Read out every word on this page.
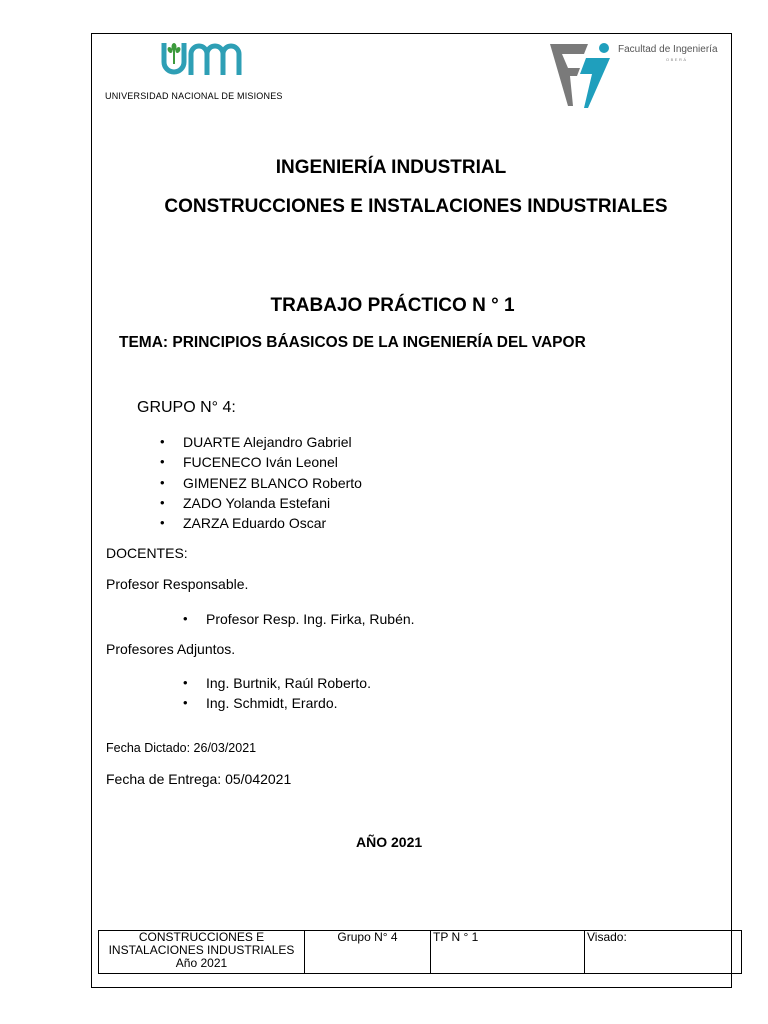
UNIVERSIDAD NACIONAL DE MISIONES
Facultad de Ingeniería
OBERÁ
INGENIERÍA INDUSTRIAL
CONSTRUCCIONES E INSTALACIONES INDUSTRIALES
TRABAJO PRÁCTICO N ° 1
TEMA: PRINCIPIOS BÁASICOS DE LA INGENIERÍA DEL VAPOR
GRUPO N° 4:
• DUARTE Alejandro Gabriel
• FUCENECO Iván Leonel
• GIMENEZ BLANCO Roberto
• ZADO Yolanda Estefani
• ZARZA Eduardo Oscar
DOCENTES:
Profesor Responsable.
• Profesor Resp. Ing. Firka, Rubén.
Profesores Adjuntos.
• Ing. Burtnik, Raúl Roberto.
• Ing. Schmidt, Erardo.
Fecha Dictado: 26/03/2021
Fecha de Entrega: 05/042021
AÑO 2021
CONSTRUCCIONES E INSTALACIONES INDUSTRIALES Año 2021	Grupo N° 4	TP N ° 1	Visado:
